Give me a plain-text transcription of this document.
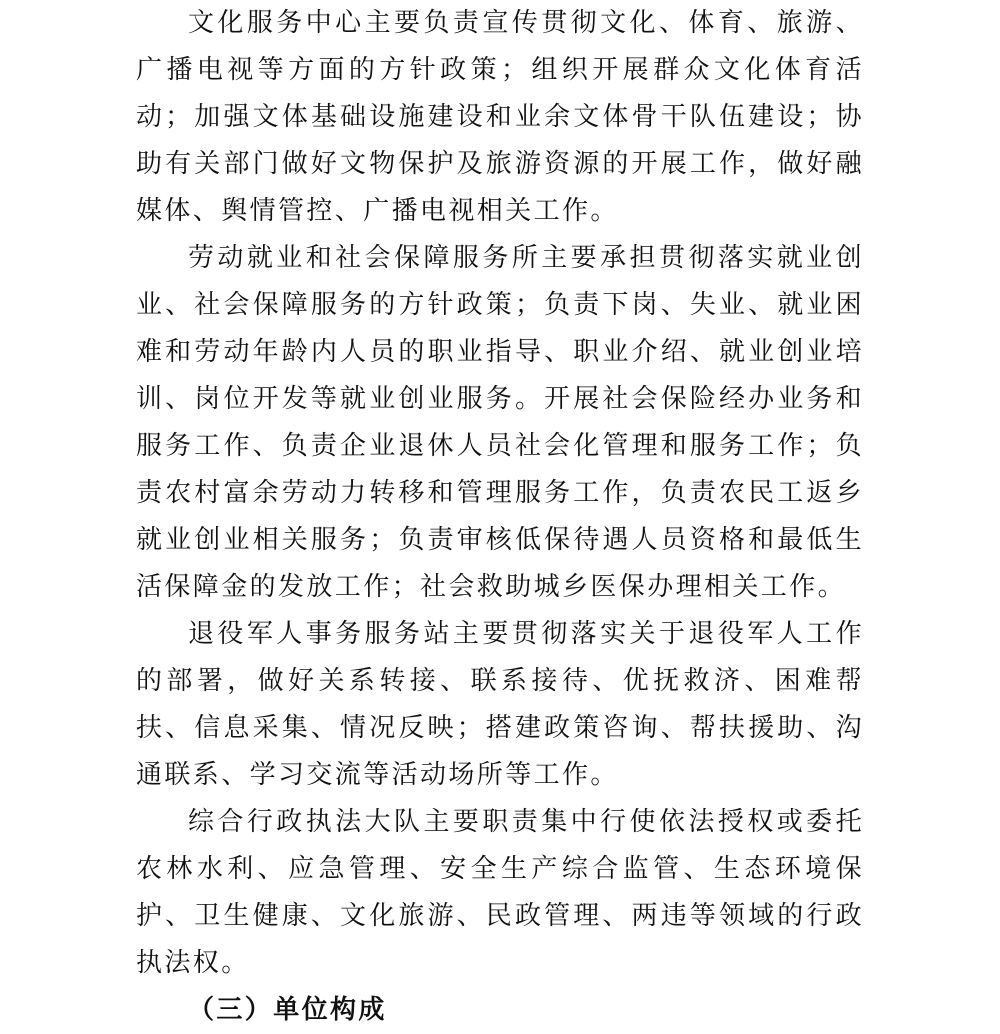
文化服务中心主要负责宣传贯彻文化、体育、旅游、广播电视等方面的方针政策；组织开展群众文化体育活动；加强文体基础设施建设和业余文体骨干队伍建设；协助有关部门做好文物保护及旅游资源的开展工作，做好融媒体、舆情管控、广播电视相关工作。

劳动就业和社会保障服务所主要承担贯彻落实就业创业、社会保障服务的方针政策；负责下岗、失业、就业困难和劳动年龄内人员的职业指导、职业介绍、就业创业培训、岗位开发等就业创业服务。开展社会保险经办业务和服务工作、负责企业退休人员社会化管理和服务工作；负责农村富余劳动力转移和管理服务工作，负责农民工返乡就业创业相关服务；负责审核低保待遇人员资格和最低生活保障金的发放工作；社会救助城乡医保办理相关工作。

退役军人事务服务站主要贯彻落实关于退役军人工作的部署，做好关系转接、联系接待、优抚救济、困难帮扶、信息采集、情况反映；搭建政策咨询、帮扶援助、沟通联系、学习交流等活动场所等工作。

综合行政执法大队主要职责集中行使依法授权或委托农林水利、应急管理、安全生产综合监管、生态环境保护、卫生健康、文化旅游、民政管理、两违等领域的行政执法权。

（三）单位构成
